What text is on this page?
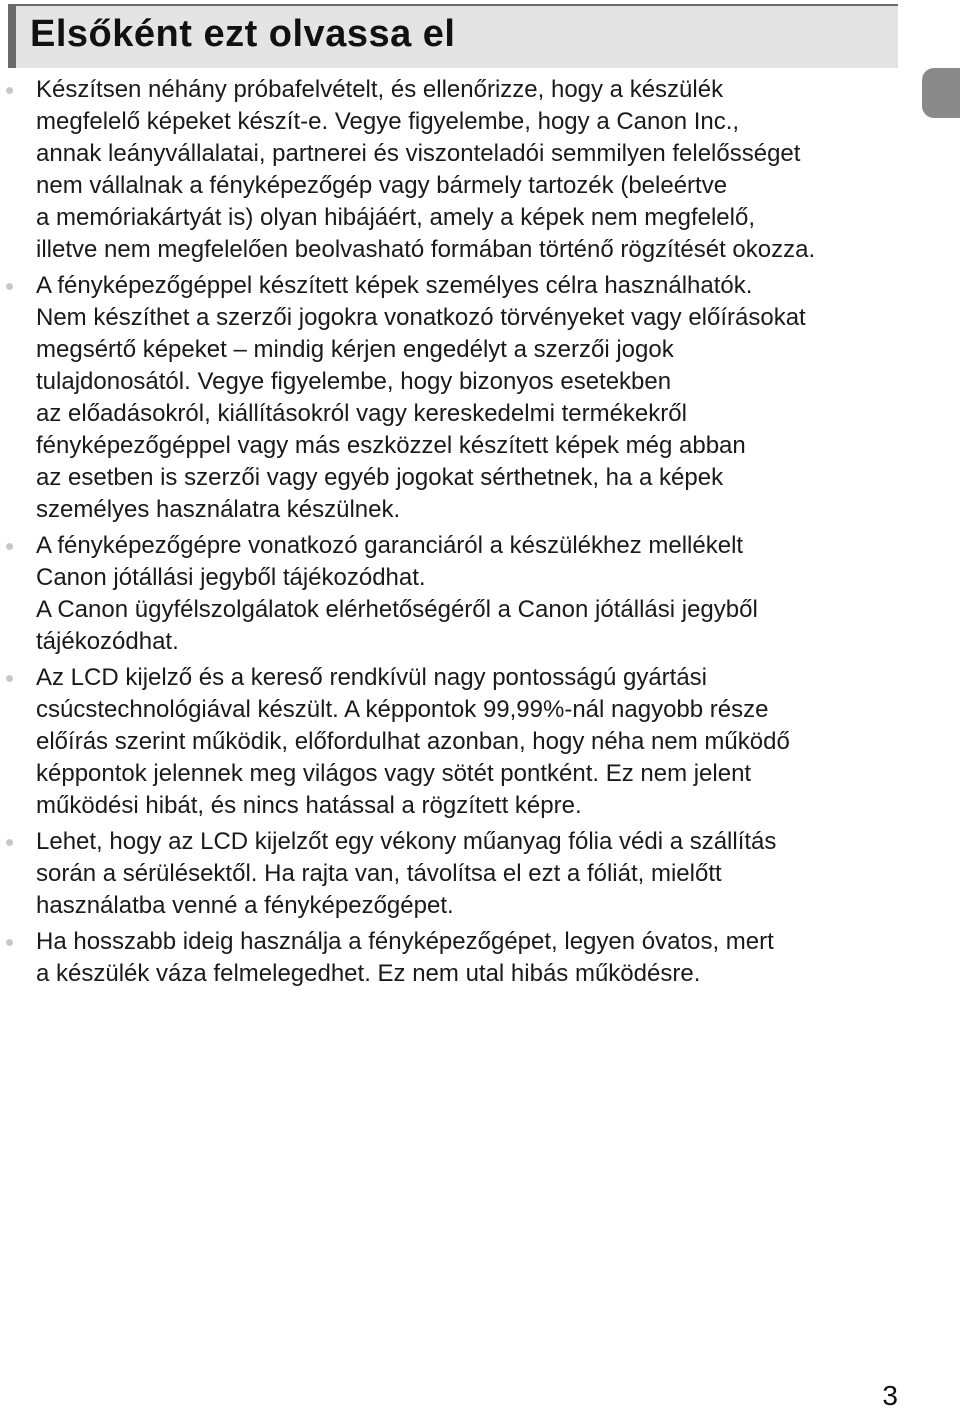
Elsőként ezt olvassa el
Készítsen néhány próbafelvételt, és ellenőrizze, hogy a készülék
megfelelő képeket készít-e. Vegye figyelembe, hogy a Canon Inc.,
annak leányvállalatai, partnerei és viszonteladói semmilyen felelősséget
nem vállalnak a fényképezőgép vagy bármely tartozék (beleértve
a memóriakártyát is) olyan hibájáért, amely a képek nem megfelelő,
illetve nem megfelelően beolvasható formában történő rögzítését okozza.
A fényképezőgéppel készített képek személyes célra használhatók.
Nem készíthet a szerzői jogokra vonatkozó törvényeket vagy előírásokat
megsértő képeket – mindig kérjen engedélyt a szerzői jogok
tulajdonosától. Vegye figyelembe, hogy bizonyos esetekben
az előadásokról, kiállításokról vagy kereskedelmi termékekről
fényképezőgéppel vagy más eszközzel készített képek még abban
az esetben is szerzői vagy egyéb jogokat sérthetnek, ha a képek
személyes használatra készülnek.
A fényképezőgépre vonatkozó garanciáról a készülékhez mellékelt
Canon jótállási jegyből tájékozódhat.
A Canon ügyfélszolgálatok elérhetőségéről a Canon jótállási jegyből
tájékozódhat.
Az LCD kijelző és a kereső rendkívül nagy pontosságú gyártási
csúcstechnológiával készült. A képpontok 99,99%-nál nagyobb része
előírás szerint működik, előfordulhat azonban, hogy néha nem működő
képpontok jelennek meg világos vagy sötét pontként. Ez nem jelent
működési hibát, és nincs hatással a rögzített képre.
Lehet, hogy az LCD kijelzőt egy vékony műanyag fólia védi a szállítás
során a sérülésektől. Ha rajta van, távolítsa el ezt a fóliát, mielőtt
használatba venné a fényképezőgépet.
Ha hosszabb ideig használja a fényképezőgépet, legyen óvatos, mert
a készülék váza felmelegedhet. Ez nem utal hibás működésre.
3
